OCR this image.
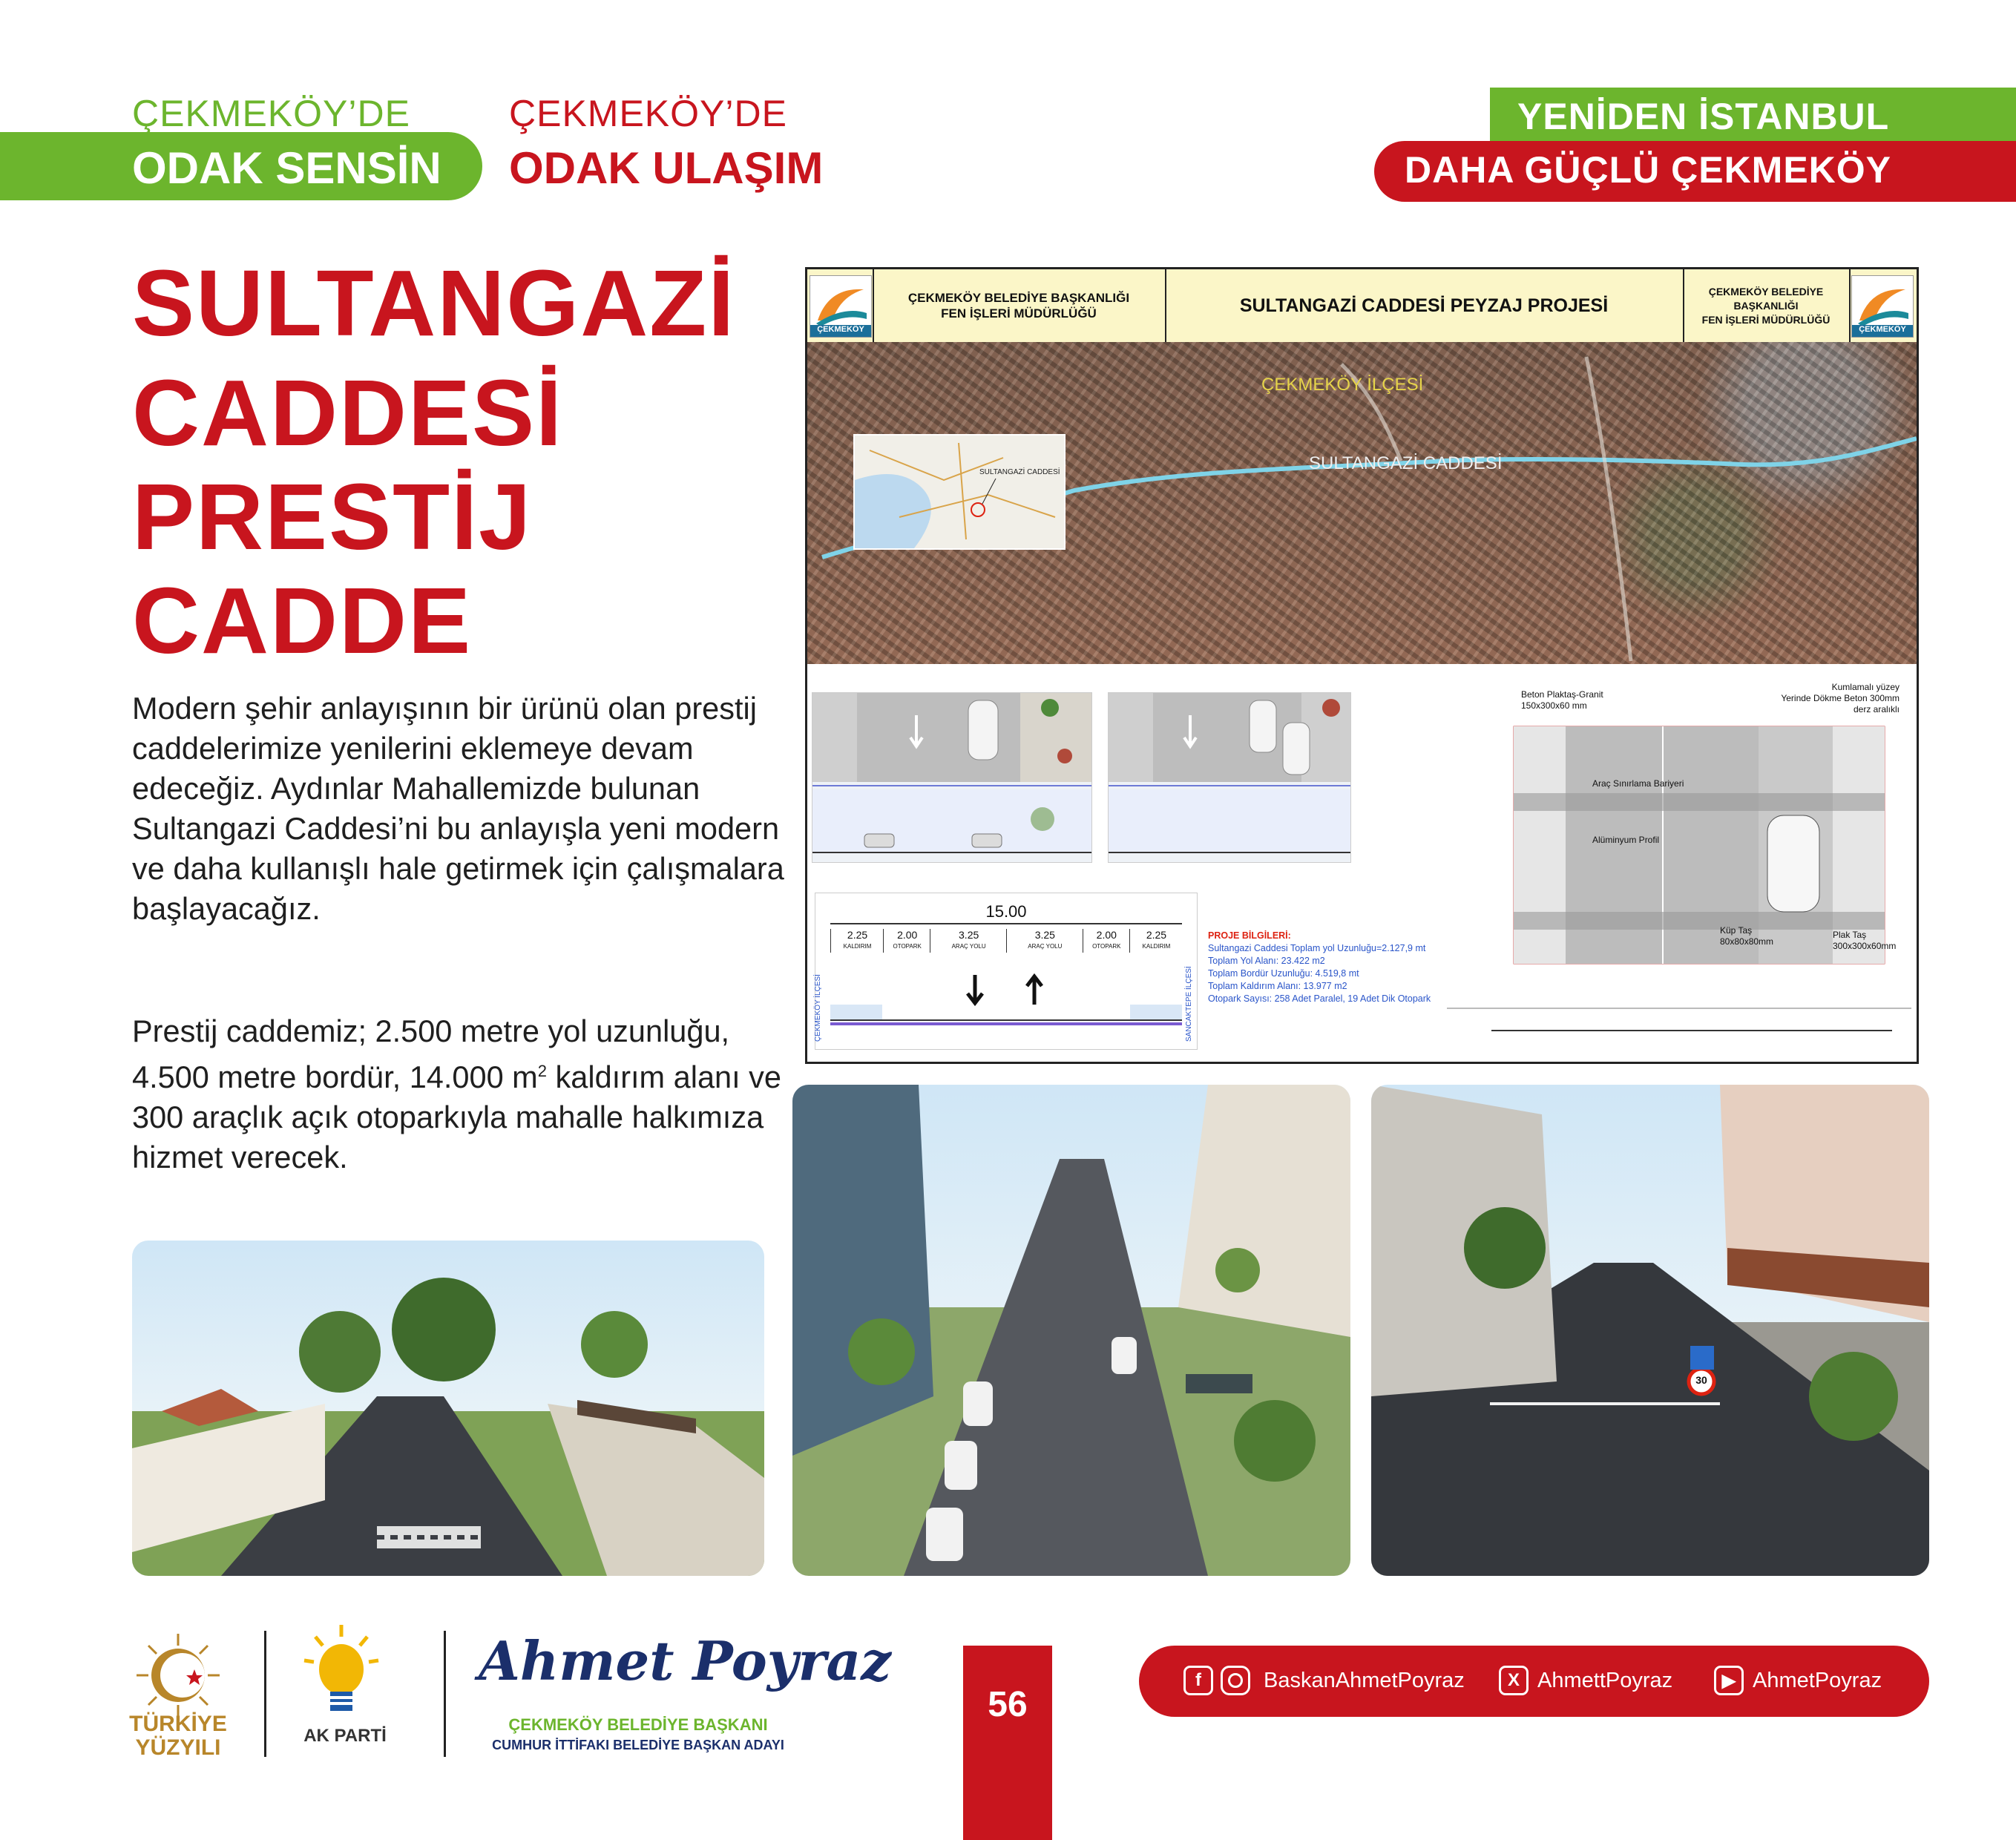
ÇEKMEKÖY’DE
ODAK SENSİN
ÇEKMEKÖY’DE
ODAK ULAŞIM
YENİDEN İSTANBUL
DAHA GÜÇLÜ ÇEKMEKÖY
SULTANGAZİ
CADDESİ
PRESTİJ
CADDE
Modern şehir anlayışının bir ürünü olan prestij caddelerimize yenilerini eklemeye devam edeceğiz. Aydınlar Mahallemizde bulunan Sultangazi Caddesi’ni bu anlayışla yeni modern ve daha kullanışlı hale getirmek için çalışmalara başlayacağız.
Prestij caddemiz; 2.500 metre yol uzunluğu, 4.500 metre bordür, 14.000 $m^2$ kaldırım alanı ve 300 araçlık açık otoparkıyla mahalle halkımıza hizmet verecek.
ÇEKMEKÖY
ÇEKMEKÖY BELEDİYE BAŞKANLIĞI
FEN İŞLERİ MÜDÜRLÜĞÜ	SULTANGAZİ CADDESİ PEYZAJ PROJESİ
ÇEKMEKÖY BELEDİYE BAŞKANLIĞI
FEN İŞLERİ MÜDÜRLÜĞÜ
ÇEKMEKÖY
SULTANGAZİ CADDESİ
ÇEKMEKÖY İLÇESİ
SULTANGAZİ CADDESİ
15.00
2.25
KALDIRIM
2.00
OTOPARK
3.25
ARAÇ YOLU
3.25
ARAÇ YOLU
2.00
OTOPARK
2.25
KALDIRIM
ÇEKMEKÖY İLÇESİ	SANCAKTEPE İLÇESİ
PROJE BİLGİLERİ:
Sultangazi Caddesi Toplam yol Uzunluğu=2.127,9 mt
Toplam Yol Alanı: 23.422 m2
Toplam Bordür Uzunluğu: 4.519,8 mt
Toplam Kaldırım Alanı: 13.977 m2
Otopark Sayısı: 258 Adet Paralel, 19 Adet Dik Otopark
Beton Plaktaş-Granit
150x300x60 mm
Kumlamalı yüzey
Yerinde Dökme Beton 300mm
derz aralıklı
Araç Sınırlama Bariyeri
Alüminyum Profil
Küp Taş
80x80x80mm
Plak Taş
300x300x60mm
30
TÜRKİYE
YÜZYILI	AK PARTİ
Ahmet Poyraz
ÇEKMEKÖY BELEDİYE BAŞKANI
CUMHUR İTTİFAKI BELEDİYE BAŞKAN ADAYI
56
f	BaskanAhmetPoyraz	X AhmettPoyraz	▶ AhmetPoyraz
